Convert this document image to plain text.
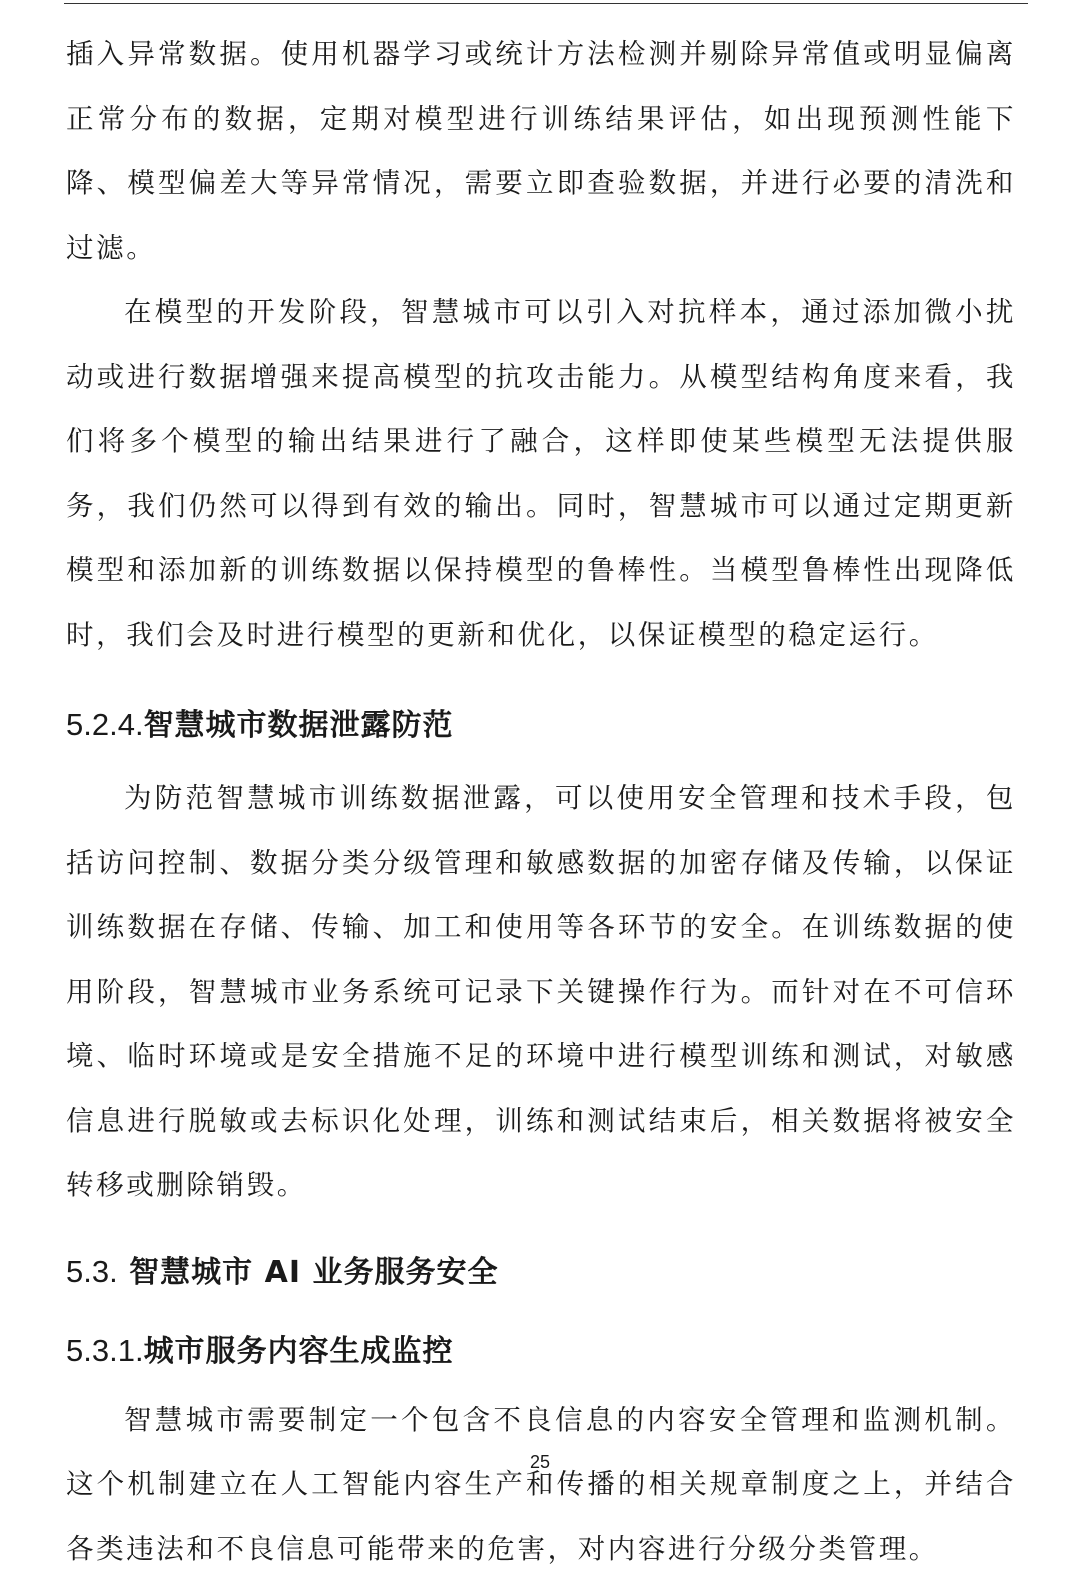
插入异常数据。使用机器学习或统计方法检测并剔除异常值或明显偏离正常分布的数据，定期对模型进行训练结果评估，如出现预测性能下降、模型偏差大等异常情况，需要立即查验数据，并进行必要的清洗和过滤。

在模型的开发阶段，智慧城市可以引入对抗样本，通过添加微小扰动或进行数据增强来提高模型的抗攻击能力。从模型结构角度来看，我们将多个模型的输出结果进行了融合，这样即使某些模型无法提供服务，我们仍然可以得到有效的输出。同时，智慧城市可以通过定期更新模型和添加新的训练数据以保持模型的鲁棒性。当模型鲁棒性出现降低时，我们会及时进行模型的更新和优化，以保证模型的稳定运行。

5.2.4.智慧城市数据泄露防范

为防范智慧城市训练数据泄露，可以使用安全管理和技术手段，包括访问控制、数据分类分级管理和敏感数据的加密存储及传输，以保证训练数据在存储、传输、加工和使用等各环节的安全。在训练数据的使用阶段，智慧城市业务系统可记录下关键操作行为。而针对在不可信环境、临时环境或是安全措施不足的环境中进行模型训练和测试，对敏感信息进行脱敏或去标识化处理，训练和测试结束后，相关数据将被安全转移或删除销毁。

5.3. 智慧城市 AI 业务服务安全
5.3.1.城市服务内容生成监控

智慧城市需要制定一个包含不良信息的内容安全管理和监测机制。这个机制建立在人工智能内容生产和传播的相关规章制度之上，并结合各类违法和不良信息可能带来的危害，对内容进行分级分类管理。

25
